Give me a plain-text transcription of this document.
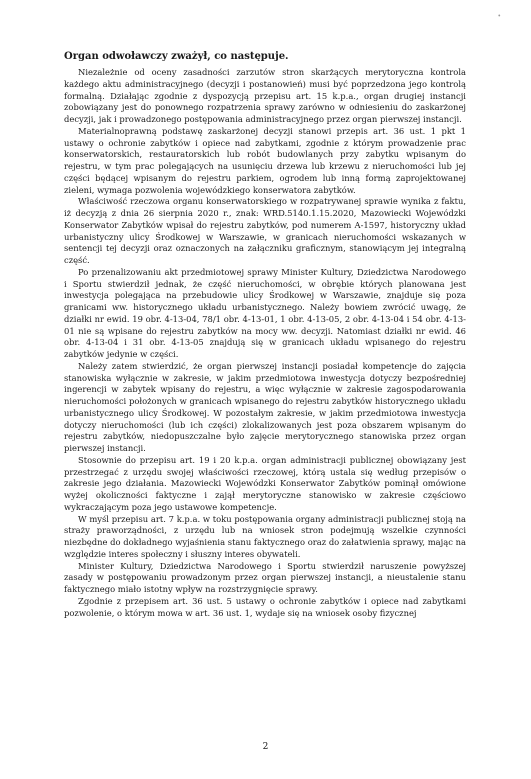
•
Organ odwoławczy zważył, co następuje.

Niezależnie od oceny zasadności zarzutów stron skarżących merytoryczna kontrola każdego aktu administracyjnego (decyzji i postanowień) musi być poprzedzona jego kontrolą formalną. Działając zgodnie z dyspozycją przepisu art. 15 k.p.a., organ drugiej instancji zobowiązany jest do ponownego rozpatrzenia sprawy zarówno w odniesieniu do zaskarżonej decyzji, jak i prowadzonego postępowania administracyjnego przez organ pierwszej instancji.

Materialnoprawną podstawę zaskarżonej decyzji stanowi przepis art. 36 ust. 1 pkt 1 ustawy o ochronie zabytków i opiece nad zabytkami, zgodnie z którym prowadzenie prac konserwatorskich, restauratorskich lub robót budowlanych przy zabytku wpisanym do rejestru, w tym prac polegających na usunięciu drzewa lub krzewu z nieruchomości lub jej części będącej wpisanym do rejestru parkiem, ogrodem lub inną formą zaprojektowanej zieleni, wymaga pozwolenia wojewódzkiego konserwatora zabytków.

Właściwość rzeczowa organu konserwatorskiego w rozpatrywanej sprawie wynika z faktu, iż decyzją z dnia 26 sierpnia 2020 r., znak: WRD.5140.1.15.2020, Mazowiecki Wojewódzki Konserwator Zabytków wpisał do rejestru zabytków, pod numerem A-1597, historyczny układ urbanistyczny ulicy Środkowej w Warszawie, w granicach nieruchomości wskazanych w sentencji tej decyzji oraz oznaczonych na załączniku graficznym, stanowiącym jej integralną część.

Po przenalizowaniu akt przedmiotowej sprawy Minister Kultury, Dziedzictwa Narodowego i Sportu stwierdził jednak, że część nieruchomości, w obrębie których planowana jest inwestycja polegająca na przebudowie ulicy Środkowej w Warszawie, znajduje się poza granicami ww. historycznego układu urbanistycznego. Należy bowiem zwrócić uwagę, że działki nr ewid. 19 obr. 4-13-04, 78/1 obr. 4-13-01, 1 obr. 4-13-05, 2 obr. 4-13-04 i 54 obr. 4-13-01 nie są wpisane do rejestru zabytków na mocy ww. decyzji. Natomiast działki nr ewid. 46 obr. 4-13-04 i 31 obr. 4-13-05 znajdują się w granicach układu wpisanego do rejestru zabytków jedynie w części.

Należy zatem stwierdzić, że organ pierwszej instancji posiadał kompetencje do zajęcia stanowiska wyłącznie w zakresie, w jakim przedmiotowa inwestycja dotyczy bezpośredniej ingerencji w zabytek wpisany do rejestru, a więc wyłącznie w zakresie zagospodarowania nieruchomości położonych w granicach wpisanego do rejestru zabytków historycznego układu urbanistycznego ulicy Środkowej. W pozostałym zakresie, w jakim przedmiotowa inwestycja dotyczy nieruchomości (lub ich części) zlokalizowanych jest poza obszarem wpisanym do rejestru zabytków, niedopuszczalne było zajęcie merytorycznego stanowiska przez organ pierwszej instancji.

Stosownie do przepisu art. 19 i 20 k.p.a. organ administracji publicznej obowiązany jest przestrzegać z urzędu swojej właściwości rzeczowej, którą ustala się według przepisów o zakresie jego działania. Mazowiecki Wojewódzki Konserwator Zabytków pominął omówione wyżej okoliczności faktyczne i zajął merytoryczne stanowisko w zakresie częściowo wykraczającym poza jego ustawowe kompetencje.

W myśl przepisu art. 7 k.p.a. w toku postępowania organy administracji publicznej stoją na straży praworządności, z urzędu lub na wniosek stron podejmują wszelkie czynności niezbędne do dokładnego wyjaśnienia stanu faktycznego oraz do załatwienia sprawy, mając na względzie interes społeczny i słuszny interes obywateli.

Minister Kultury, Dziedzictwa Narodowego i Sportu stwierdził naruszenie powyższej zasady w postępowaniu prowadzonym przez organ pierwszej instancji, a nieustalenie stanu faktycznego miało istotny wpływ na rozstrzygnięcie sprawy.

Zgodnie z przepisem art. 36 ust. 5 ustawy o ochronie zabytków i opiece nad zabytkami pozwolenie, o którym mowa w art. 36 ust. 1, wydaje się na wniosek osoby fizycznej

2
